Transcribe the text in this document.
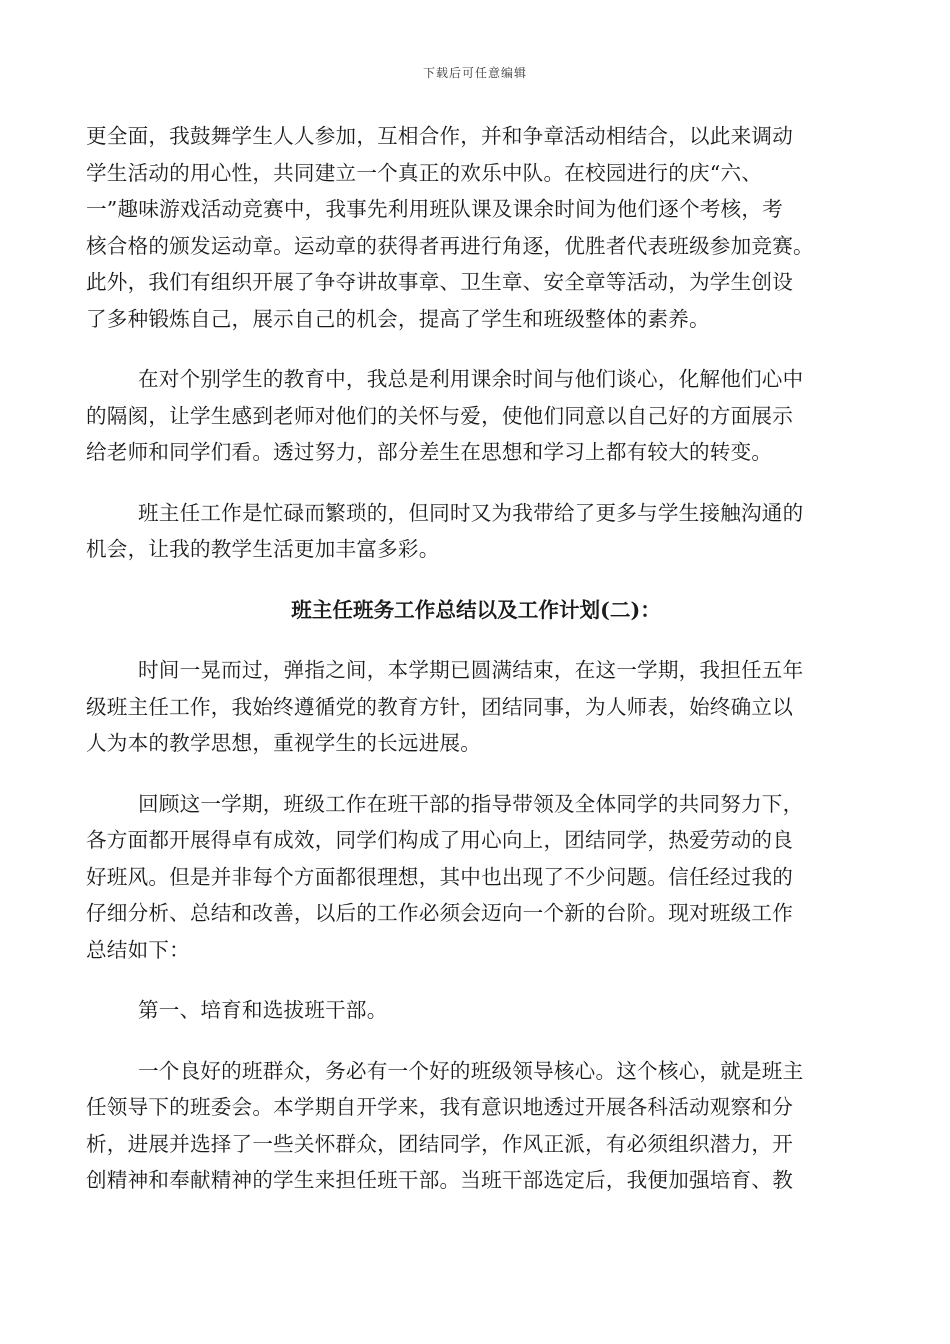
下载后可任意编辑
更全面，我鼓舞学生人人参加，互相合作，并和争章活动相结合，以此来调动
学生活动的用心性，共同建立一个真正的欢乐中队。在校园进行的庆“六、
一”趣味游戏活动竞赛中，我事先利用班队课及课余时间为他们逐个考核，考
核合格的颁发运动章。运动章的获得者再进行角逐，优胜者代表班级参加竞赛。
此外，我们有组织开展了争夺讲故事章、卫生章、安全章等活动，为学生创设
了多种锻炼自己，展示自己的机会，提高了学生和班级整体的素养。
在对个别学生的教育中，我总是利用课余时间与他们谈心，化解他们心中
的隔阂，让学生感到老师对他们的关怀与爱，使他们同意以自己好的方面展示
给老师和同学们看。透过努力，部分差生在思想和学习上都有较大的转变。
班主任工作是忙碌而繁琐的，但同时又为我带给了更多与学生接触沟通的
机会，让我的教学生活更加丰富多彩。
班主任班务工作总结以及工作计划(二)：
时间一晃而过，弹指之间，本学期已圆满结束，在这一学期，我担任五年
级班主任工作，我始终遵循党的教育方针，团结同事，为人师表，始终确立以
人为本的教学思想，重视学生的长远进展。
回顾这一学期，班级工作在班干部的指导带领及全体同学的共同努力下，
各方面都开展得卓有成效，同学们构成了用心向上，团结同学，热爱劳动的良
好班风。但是并非每个方面都很理想，其中也出现了不少问题。信任经过我的
仔细分析、总结和改善，以后的工作必须会迈向一个新的台阶。现对班级工作
总结如下：
第一、培育和选拔班干部。
一个良好的班群众，务必有一个好的班级领导核心。这个核心，就是班主
任领导下的班委会。本学期自开学来，我有意识地透过开展各科活动观察和分
析，进展并选择了一些关怀群众，团结同学，作风正派，有必须组织潜力，开
创精神和奉献精神的学生来担任班干部。当班干部选定后，我便加强培育、教
